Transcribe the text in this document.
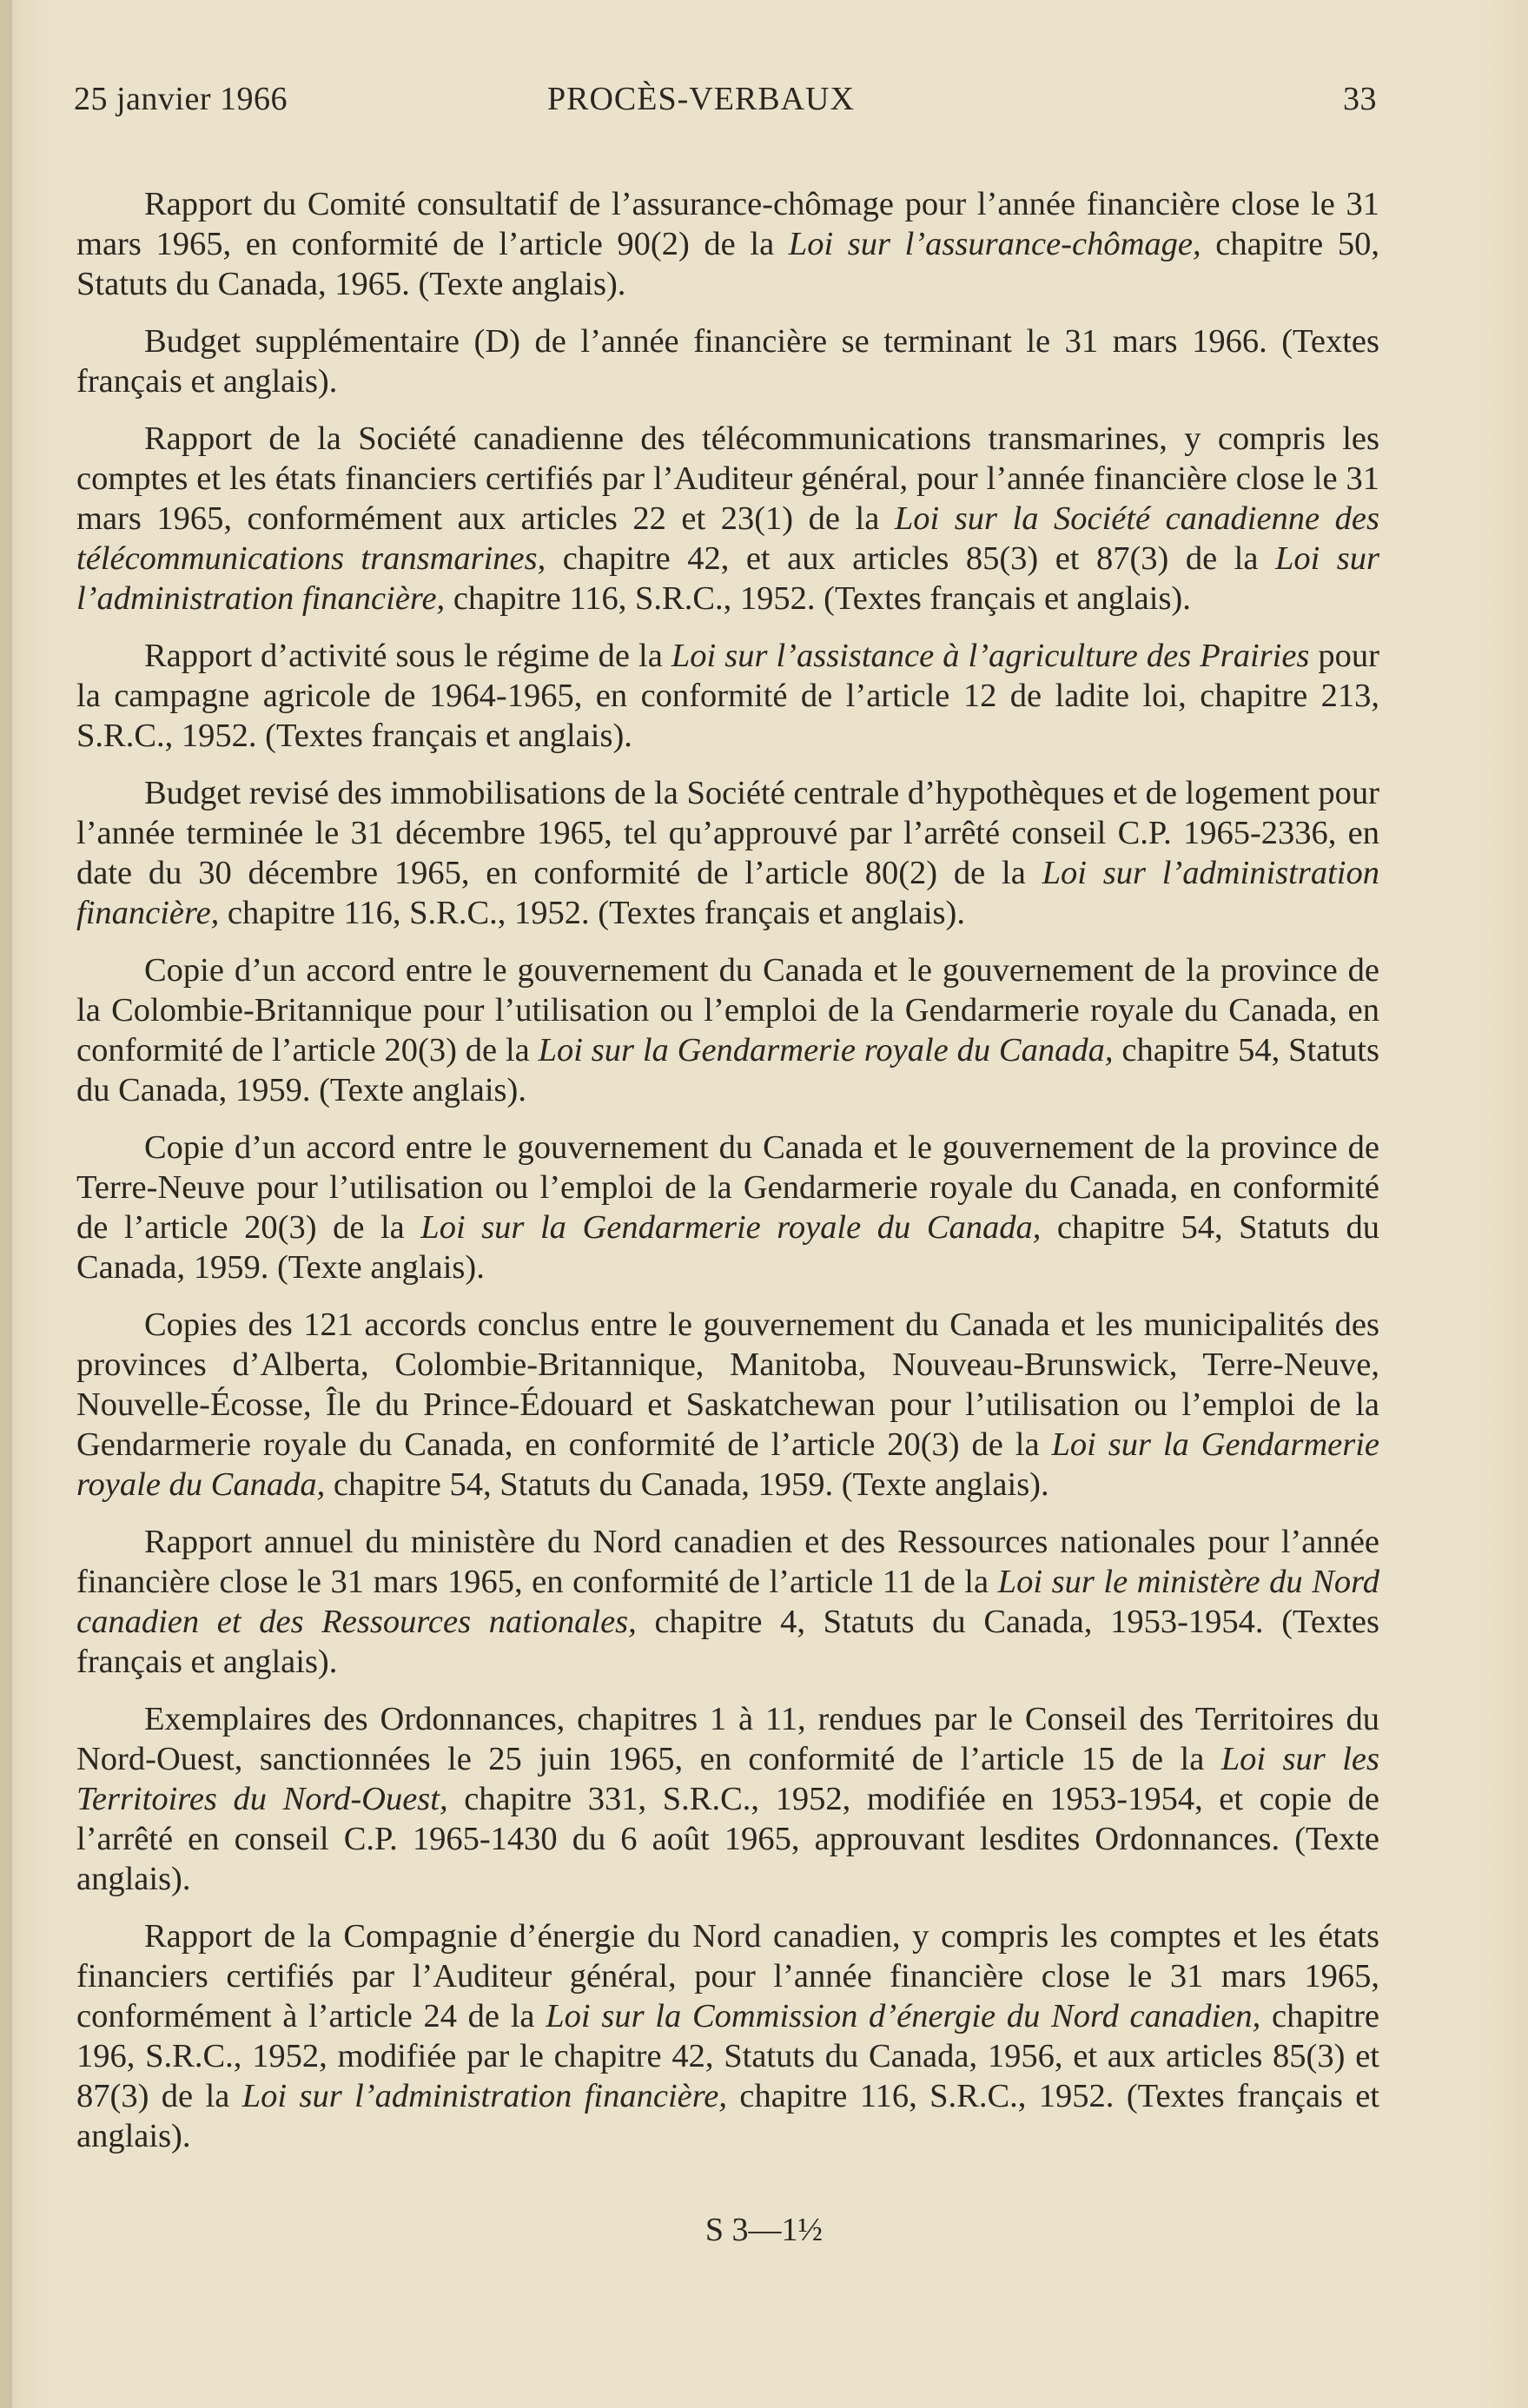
25 janvier 1966	PROCÈS-VERBAUX	33

Rapport du Comité consultatif de l’assurance-chômage pour l’année financière close le 31 mars 1965, en conformité de l’article 90(2) de la Loi sur l’assurance-chômage, chapitre 50, Statuts du Canada, 1965. (Texte anglais).

Budget supplémentaire (D) de l’année financière se terminant le 31 mars 1966. (Textes français et anglais).

Rapport de la Société canadienne des télécommunications transmarines, y compris les comptes et les états financiers certifiés par l’Auditeur général, pour l’année financière close le 31 mars 1965, conformément aux articles 22 et 23(1) de la Loi sur la Société canadienne des télécommunications transmarines, chapitre 42, et aux articles 85(3) et 87(3) de la Loi sur l’administration financière, chapitre 116, S.R.C., 1952. (Textes français et anglais).

Rapport d’activité sous le régime de la Loi sur l’assistance à l’agriculture des Prairies pour la campagne agricole de 1964-1965, en conformité de l’article 12 de ladite loi, chapitre 213, S.R.C., 1952. (Textes français et anglais).

Budget revisé des immobilisations de la Société centrale d’hypothèques et de logement pour l’année terminée le 31 décembre 1965, tel qu’approuvé par l’arrêté conseil C.P. 1965-2336, en date du 30 décembre 1965, en conformité de l’article 80(2) de la Loi sur l’administration financière, chapitre 116, S.R.C., 1952. (Textes français et anglais).

Copie d’un accord entre le gouvernement du Canada et le gouvernement de la province de la Colombie-Britannique pour l’utilisation ou l’emploi de la Gendarmerie royale du Canada, en conformité de l’article 20(3) de la Loi sur la Gendarmerie royale du Canada, chapitre 54, Statuts du Canada, 1959. (Texte anglais).

Copie d’un accord entre le gouvernement du Canada et le gouvernement de la province de Terre-Neuve pour l’utilisation ou l’emploi de la Gendarmerie royale du Canada, en conformité de l’article 20(3) de la Loi sur la Gendarmerie royale du Canada, chapitre 54, Statuts du Canada, 1959. (Texte anglais).

Copies des 121 accords conclus entre le gouvernement du Canada et les municipalités des provinces d’Alberta, Colombie-Britannique, Manitoba, Nouveau-Brunswick, Terre-Neuve, Nouvelle-Écosse, Île du Prince-Édouard et Saskatchewan pour l’utilisation ou l’emploi de la Gendarmerie royale du Canada, en conformité de l’article 20(3) de la Loi sur la Gendarmerie royale du Canada, chapitre 54, Statuts du Canada, 1959. (Texte anglais).

Rapport annuel du ministère du Nord canadien et des Ressources nationales pour l’année financière close le 31 mars 1965, en conformité de l’article 11 de la Loi sur le ministère du Nord canadien et des Ressources nationales, chapitre 4, Statuts du Canada, 1953-1954. (Textes français et anglais).

Exemplaires des Ordonnances, chapitres 1 à 11, rendues par le Conseil des Territoires du Nord-Ouest, sanctionnées le 25 juin 1965, en conformité de l’article 15 de la Loi sur les Territoires du Nord-Ouest, chapitre 331, S.R.C., 1952, modifiée en 1953-1954, et copie de l’arrêté en conseil C.P. 1965-1430 du 6 août 1965, approuvant lesdites Ordonnances. (Texte anglais).

Rapport de la Compagnie d’énergie du Nord canadien, y compris les comptes et les états financiers certifiés par l’Auditeur général, pour l’année financière close le 31 mars 1965, conformément à l’article 24 de la Loi sur la Commission d’énergie du Nord canadien, chapitre 196, S.R.C., 1952, modifiée par le chapitre 42, Statuts du Canada, 1956, et aux articles 85(3) et 87(3) de la Loi sur l’administration financière, chapitre 116, S.R.C., 1952. (Textes français et anglais).

S 3—1½
